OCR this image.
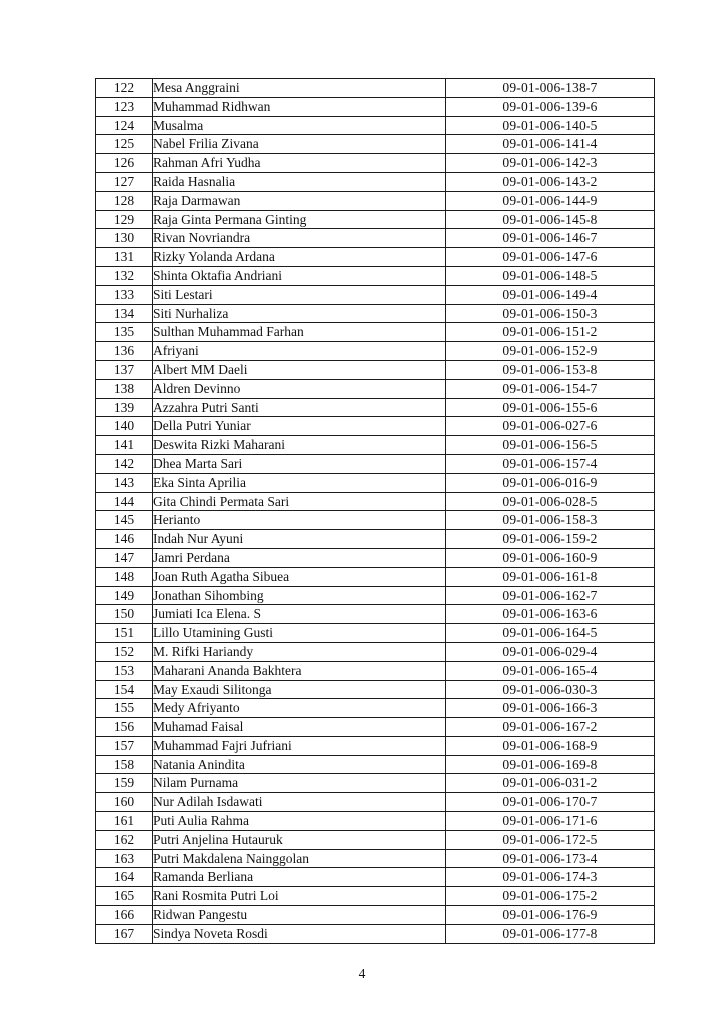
122	Mesa Anggraini	09-01-006-138-7
123	Muhammad Ridhwan	09-01-006-139-6
124	Musalma	09-01-006-140-5
125	Nabel Frilia Zivana	09-01-006-141-4
126	Rahman Afri Yudha	09-01-006-142-3
127	Raida Hasnalia	09-01-006-143-2
128	Raja Darmawan	09-01-006-144-9
129	Raja Ginta Permana Ginting	09-01-006-145-8
130	Rivan Novriandra	09-01-006-146-7
131	Rizky Yolanda Ardana	09-01-006-147-6
132	Shinta Oktafia Andriani	09-01-006-148-5
133	Siti Lestari	09-01-006-149-4
134	Siti Nurhaliza	09-01-006-150-3
135	Sulthan Muhammad Farhan	09-01-006-151-2
136	Afriyani	09-01-006-152-9
137	Albert MM Daeli	09-01-006-153-8
138	Aldren Devinno	09-01-006-154-7
139	Azzahra Putri Santi	09-01-006-155-6
140	Della Putri Yuniar	09-01-006-027-6
141	Deswita Rizki Maharani	09-01-006-156-5
142	Dhea Marta Sari	09-01-006-157-4
143	Eka Sinta Aprilia	09-01-006-016-9
144	Gita Chindi Permata Sari	09-01-006-028-5
145	Herianto	09-01-006-158-3
146	Indah Nur Ayuni	09-01-006-159-2
147	Jamri Perdana	09-01-006-160-9
148	Joan Ruth Agatha Sibuea	09-01-006-161-8
149	Jonathan Sihombing	09-01-006-162-7
150	Jumiati Ica Elena. S	09-01-006-163-6
151	Lillo Utamining Gusti	09-01-006-164-5
152	M. Rifki Hariandy	09-01-006-029-4
153	Maharani Ananda Bakhtera	09-01-006-165-4
154	May Exaudi Silitonga	09-01-006-030-3
155	Medy Afriyanto	09-01-006-166-3
156	Muhamad Faisal	09-01-006-167-2
157	Muhammad Fajri Jufriani	09-01-006-168-9
158	Natania Anindita	09-01-006-169-8
159	Nilam Purnama	09-01-006-031-2
160	Nur Adilah Isdawati	09-01-006-170-7
161	Puti Aulia Rahma	09-01-006-171-6
162	Putri Anjelina Hutauruk	09-01-006-172-5
163	Putri Makdalena Nainggolan	09-01-006-173-4
164	Ramanda Berliana	09-01-006-174-3
165	Rani Rosmita Putri Loi	09-01-006-175-2
166	Ridwan Pangestu	09-01-006-176-9
167	Sindya Noveta Rosdi	09-01-006-177-8
4
